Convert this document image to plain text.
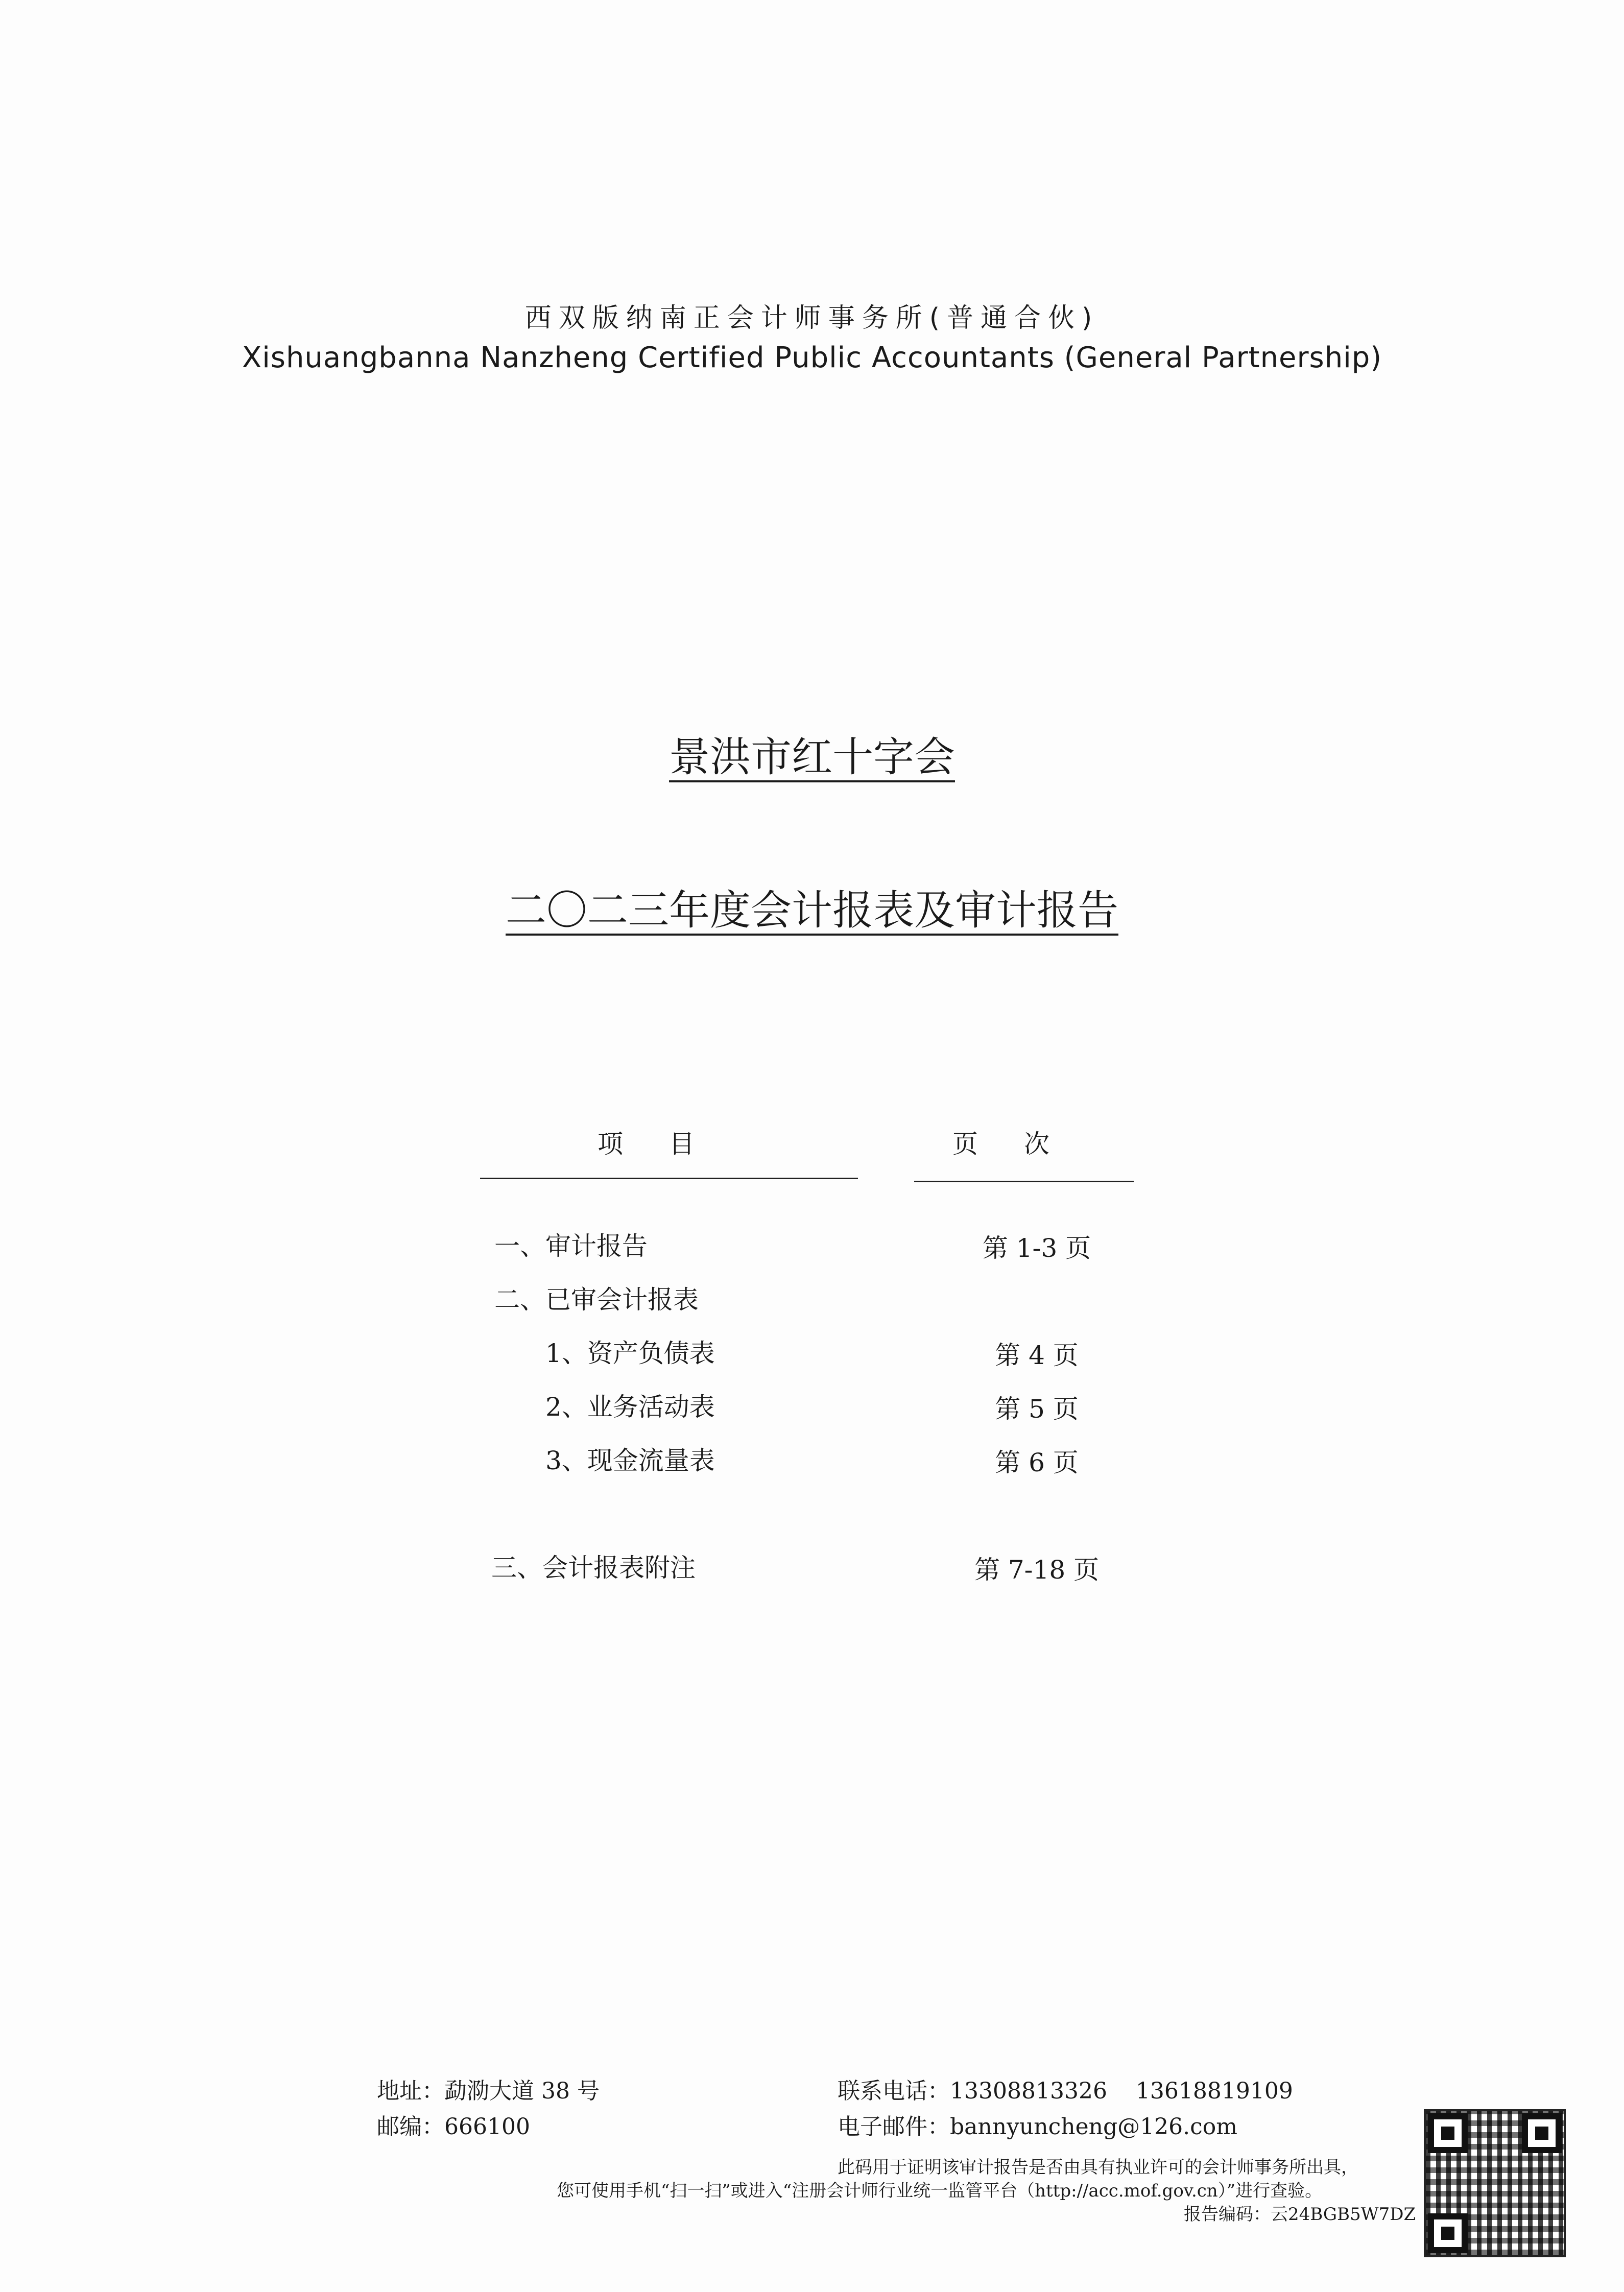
西双版纳南正会计师事务所(普通合伙)
Xishuangbanna Nanzheng Certified Public Accountants (General Partnership)
景洪市红十字会
二〇二三年度会计报表及审计报告
项目	页次
一、审计报告	第 1-3 页
二、已审会计报表
1、资产负债表	第 4 页
2、业务活动表	第 5 页
3、现金流量表	第 6 页
三、会计报表附注	第 7-18 页
地址：勐泐大道 38 号
邮编：666100
联系电话：13308813326    13618819109
电子邮件：bannyuncheng@126.com
此码用于证明该审计报告是否由具有执业许可的会计师事务所出具，
您可使用手机“扫一扫”或进入“注册会计师行业统一监管平台（http://acc.mof.gov.cn）”进行查验。
报告编码：云24BGB5W7DZ
